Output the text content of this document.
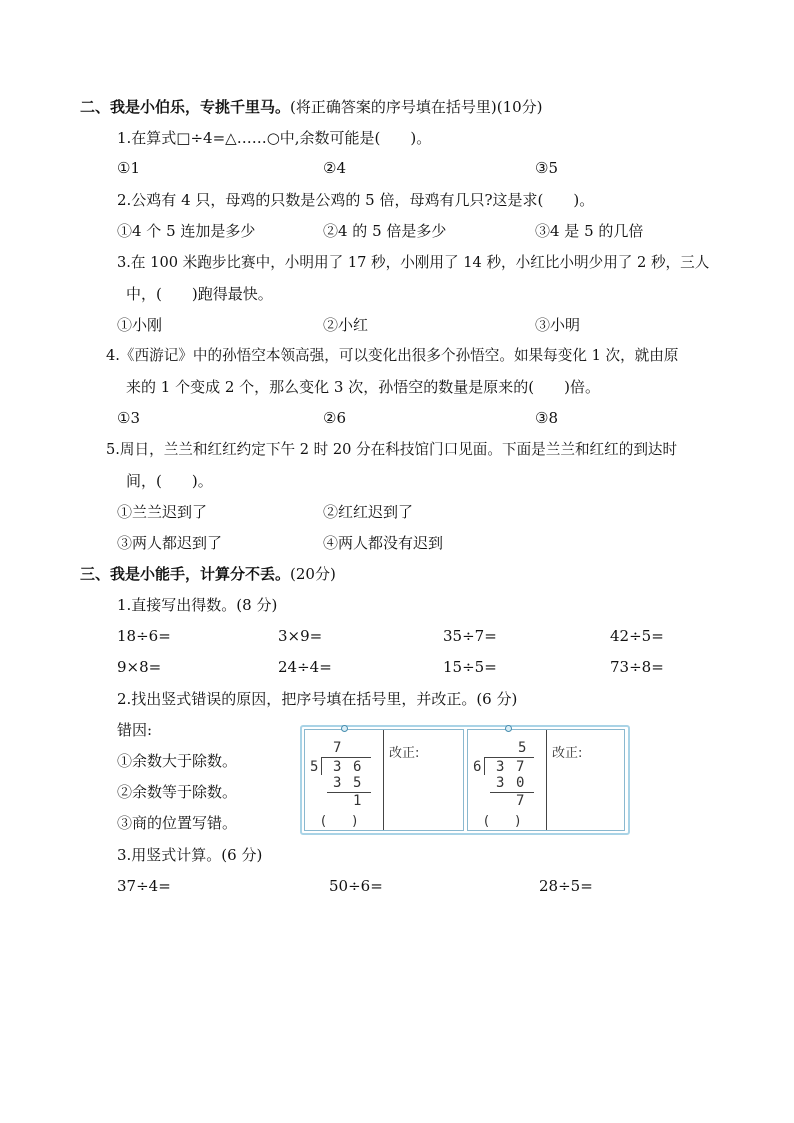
二、我是小伯乐，专挑千里马。(将正确答案的序号填在括号里)(10分)
1.在算式□÷4=△……○中,余数可能是(　　)。
①1	②4	③5
2.公鸡有 4 只，母鸡的只数是公鸡的 5 倍，母鸡有几只?这是求(　　)。
①4 个 5 连加是多少	②4 的 5 倍是多少	③4 是 5 的几倍
3.在 100 米跑步比赛中，小明用了 17 秒，小刚用了 14 秒，小红比小明少用了 2 秒，三人
中，(　　)跑得最快。
①小刚	②小红	③小明
4.《西游记》中的孙悟空本领高强，可以变化出很多个孙悟空。如果每变化 1 次，就由原
来的 1 个变成 2 个，那么变化 3 次，孙悟空的数量是原来的(　　)倍。
①3	②6	③8
5.周日，兰兰和红红约定下午 2 时 20 分在科技馆门口见面。下面是兰兰和红红的到达时
间，(　　)。
①兰兰迟到了	②红红迟到了
③两人都迟到了	④两人都没有迟到
三、我是小能手，计算分不丢。(20分)
1.直接写出得数。(8 分)
18÷6=	3×9=	35÷7=	42÷5=
9×8=	24÷4=	15÷5=	73÷8=
2.找出竖式错误的原因，把序号填在括号里，并改正。(6 分)
错因:
①余数大于除数。
②余数等于除数。
③商的位置写错。
7
5 3 6
3 5
1
(　　)
改正:	5
6 3 7
3 0
7
(　　)
改正:
3.用竖式计算。(6 分)
37÷4=	50÷6=	28÷5=
